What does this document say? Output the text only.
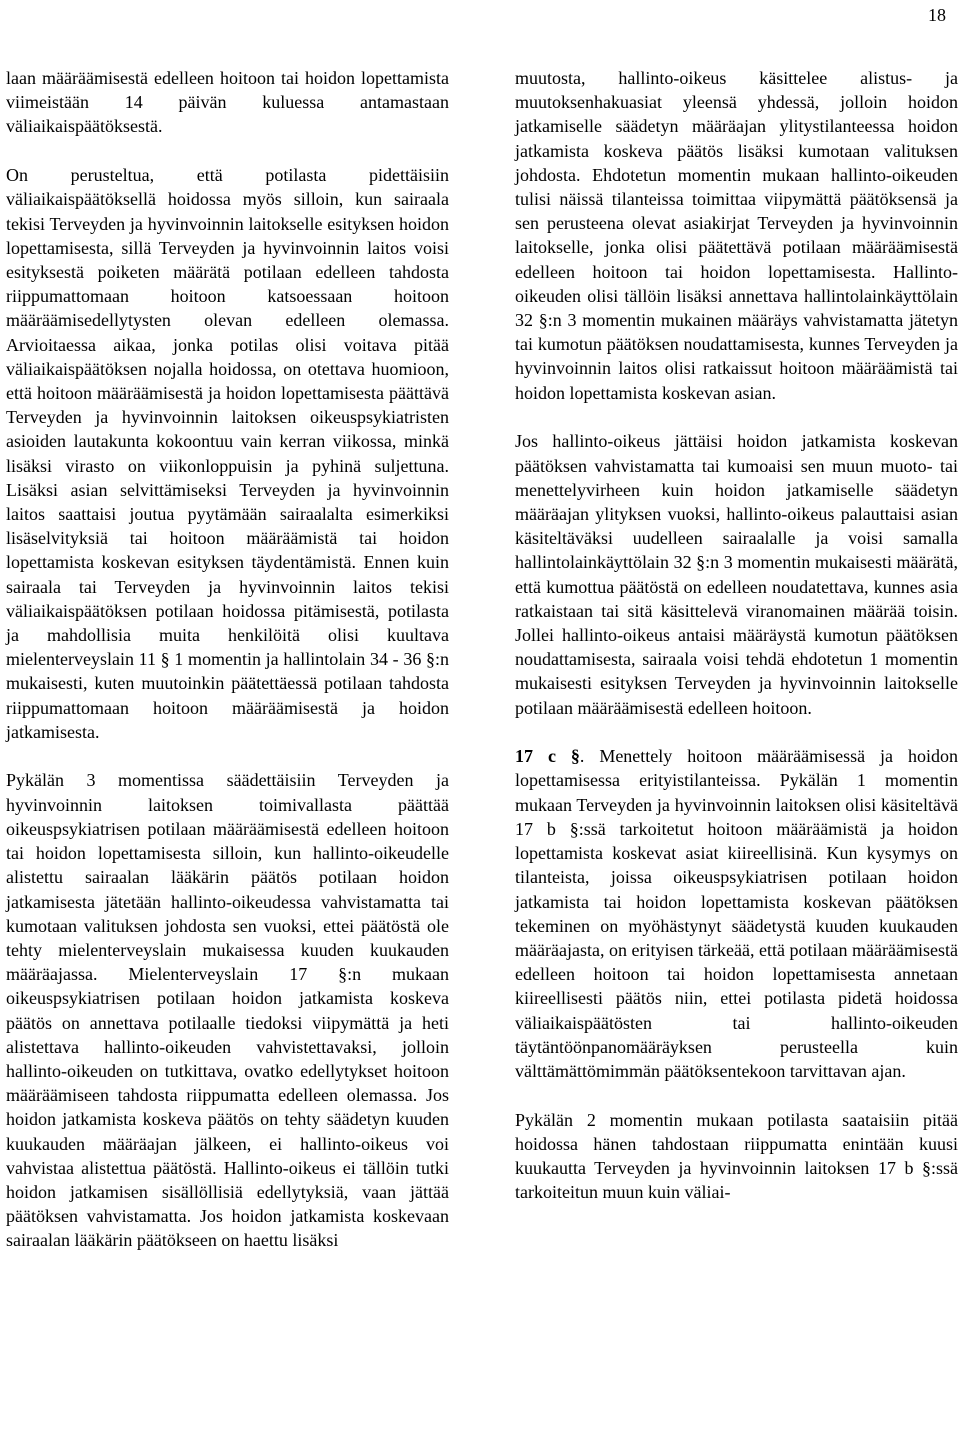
18

laan määräämisestä edelleen hoitoon tai hoidon lopettamista viimeistään 14 päivän kuluessa antamastaan väliaikaispäätöksestä.

On perusteltua, että potilasta pidettäisiin väliaikaispäätöksellä hoidossa myös silloin, kun sairaala tekisi Terveyden ja hyvinvoinnin laitokselle esityksen hoidon lopettamisesta, sillä Terveyden ja hyvinvoinnin laitos voisi esityksestä poiketen määrätä potilaan edelleen tahdosta riippumattomaan hoitoon katsoessaan hoitoon määräämisedellytysten olevan edelleen olemassa. Arvioitaessa aikaa, jonka potilas olisi voitava pitää väliaikaispäätöksen nojalla hoidossa, on otettava huomioon, että hoitoon määräämisestä ja hoidon lopettamisesta päättävä Terveyden ja hyvinvoinnin laitoksen oikeuspsykiatristen asioiden lautakunta kokoontuu vain kerran viikossa, minkä lisäksi virasto on viikonloppuisin ja pyhinä suljettuna. Lisäksi asian selvittämiseksi Terveyden ja hyvinvoinnin laitos saattaisi joutua pyytämään sairaalalta esimerkiksi lisäselvityksiä tai hoitoon määräämistä tai hoidon lopettamista koskevan esityksen täydentämistä. Ennen kuin sairaala tai Terveyden ja hyvinvoinnin laitos tekisi väliaikaispäätöksen potilaan hoidossa pitämisestä, potilasta ja mahdollisia muita henkilöitä olisi kuultava mielenterveyslain 11 § 1 momentin ja hallintolain 34 - 36 §:n mukaisesti, kuten muutoinkin päätettäessä potilaan tahdosta riippumattomaan hoitoon määräämisestä ja hoidon jatkamisesta.

Pykälän 3 momentissa säädettäisiin Terveyden ja hyvinvoinnin laitoksen toimivallasta päättää oikeuspsykiatrisen potilaan määräämisestä edelleen hoitoon tai hoidon lopettamisesta silloin, kun hallinto-oikeudelle alistettu sairaalan lääkärin päätös potilaan hoidon jatkamisesta jätetään hallinto-oikeudessa vahvistamatta tai kumotaan valituksen johdosta sen vuoksi, ettei päätöstä ole tehty mielenterveyslain mukaisessa kuuden kuukauden määräajassa. Mielenterveyslain 17 §:n mukaan oikeuspsykiatrisen potilaan hoidon jatkamista koskeva päätös on annettava potilaalle tiedoksi viipymättä ja heti alistettava hallinto-oikeuden vahvistettavaksi, jolloin hallinto-oikeuden on tutkittava, ovatko edellytykset hoitoon määräämiseen tahdosta riippumatta edelleen olemassa. Jos hoidon jatkamista koskeva päätös on tehty säädetyn kuuden kuukauden määräajan jälkeen, ei hallinto-oikeus voi vahvistaa alistettua päätöstä. Hallinto-oikeus ei tällöin tutki hoidon jatkamisen sisällöllisiä edellytyksiä, vaan jättää päätöksen vahvistamatta. Jos hoidon jatkamista koskevaan sairaalan lääkärin päätökseen on haettu lisäksi

muutosta, hallinto-oikeus käsittelee alistus- ja muutoksenhakuasiat yleensä yhdessä, jolloin hoidon jatkamiselle säädetyn määräajan ylitystilanteessa hoidon jatkamista koskeva päätös lisäksi kumotaan valituksen johdosta. Ehdotetun momentin mukaan hallinto-oikeuden tulisi näissä tilanteissa toimittaa viipymättä päätöksensä ja sen perusteena olevat asiakirjat Terveyden ja hyvinvoinnin laitokselle, jonka olisi päätettävä potilaan määräämisestä edelleen hoitoon tai hoidon lopettamisesta. Hallinto-oikeuden olisi tällöin lisäksi annettava hallintolainkäyttölain 32 §:n 3 momentin mukainen määräys vahvistamatta jätetyn tai kumotun päätöksen noudattamisesta, kunnes Terveyden ja hyvinvoinnin laitos olisi ratkaissut hoitoon määräämistä tai hoidon lopettamista koskevan asian.

Jos hallinto-oikeus jättäisi hoidon jatkamista koskevan päätöksen vahvistamatta tai kumoaisi sen muun muoto- tai menettelyvirheen kuin hoidon jatkamiselle säädetyn määräajan ylityksen vuoksi, hallinto-oikeus palauttaisi asian käsiteltäväksi uudelleen sairaalalle ja voisi samalla hallintolainkäyttölain 32 §:n 3 momentin mukaisesti määrätä, että kumottua päätöstä on edelleen noudatettava, kunnes asia ratkaistaan tai sitä käsittelevä viranomainen määrää toisin. Jollei hallinto-oikeus antaisi määräystä kumotun päätöksen noudattamisesta, sairaala voisi tehdä ehdotetun 1 momentin mukaisesti esityksen Terveyden ja hyvinvoinnin laitokselle potilaan määräämisestä edelleen hoitoon.

17 c §. Menettely hoitoon määräämisessä ja hoidon lopettamisessa erityistilanteissa. Pykälän 1 momentin mukaan Terveyden ja hyvinvoinnin laitoksen olisi käsiteltävä 17 b §:ssä tarkoitetut hoitoon määräämistä ja hoidon lopettamista koskevat asiat kiireellisinä. Kun kysymys on tilanteista, joissa oikeuspsykiatrisen potilaan hoidon jatkamista tai hoidon lopettamista koskevan päätöksen tekeminen on myöhästynyt säädetystä kuuden kuukauden määräajasta, on erityisen tärkeää, että potilaan määräämisestä edelleen hoitoon tai hoidon lopettamisesta annetaan kiireellisesti päätös niin, ettei potilasta pidetä hoidossa väliaikaispäätösten tai hallinto-oikeuden täytäntöönpanomääräyksen perusteella kuin välttämättömimmän päätöksentekoon tarvittavan ajan.

Pykälän 2 momentin mukaan potilasta saataisiin pitää hoidossa hänen tahdostaan riippumatta enintään kuusi kuukautta Terveyden ja hyvinvoinnin laitoksen 17 b §:ssä tarkoiteitun muun kuin väliai-
